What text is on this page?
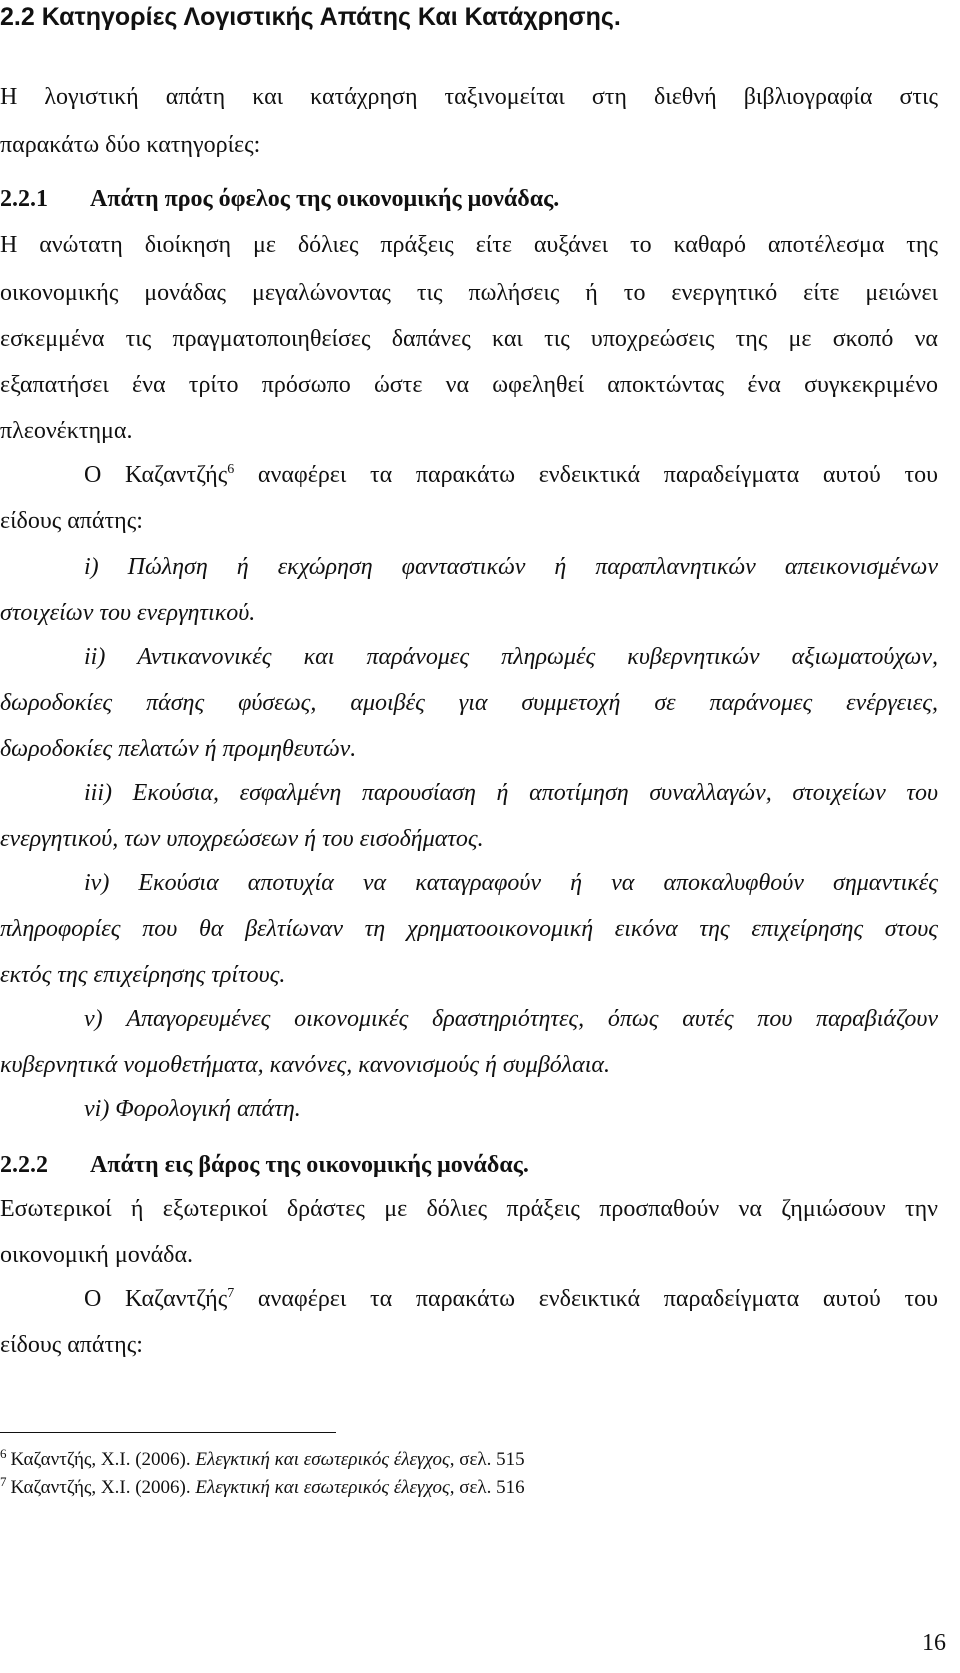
2.2 Κατηγορίες Λογιστικής Απάτης Και Κατάχρησης.
Η λογιστική απάτη και κατάχρηση ταξινομείται στη διεθνή βιβλιογραφία στις
παρακάτω δύο κατηγορίες:
2.2.1 Απάτη προς όφελος της οικονομικής μονάδας.
Η ανώτατη διοίκηση με δόλιες πράξεις είτε αυξάνει το καθαρό αποτέλεσμα της
οικονομικής μονάδας μεγαλώνοντας τις πωλήσεις ή το ενεργητικό είτε μειώνει
εσκεμμένα τις πραγματοποιηθείσες δαπάνες και τις υποχρεώσεις της με σκοπό να
εξαπατήσει ένα τρίτο πρόσωπο ώστε να ωφεληθεί αποκτώντας ένα συγκεκριμένο
πλεονέκτημα.
Ο Καζαντζής$^6$ αναφέρει τα παρακάτω ενδεικτικά παραδείγματα αυτού του
είδους απάτης:
i) Πώληση ή εκχώρηση φανταστικών ή παραπλανητικών απεικονισμένων
στοιχείων του ενεργητικού.
ii) Αντικανονικές και παράνομες πληρωμές κυβερνητικών αξιωματούχων,
δωροδοκίες πάσης φύσεως, αμοιβές για συμμετοχή σε παράνομες ενέργειες,
δωροδοκίες πελατών ή προμηθευτών.
iii) Εκούσια, εσφαλμένη παρουσίαση ή αποτίμηση συναλλαγών, στοιχείων του
ενεργητικού, των υποχρεώσεων ή του εισοδήματος.
iv) Εκούσια αποτυχία να καταγραφούν ή να αποκαλυφθούν σημαντικές
πληροφορίες που θα βελτίωναν τη χρηματοοικονομική εικόνα της επιχείρησης στους
εκτός της επιχείρησης τρίτους.
v) Απαγορευμένες οικονομικές δραστηριότητες, όπως αυτές που παραβιάζουν
κυβερνητικά νομοθετήματα, κανόνες, κανονισμούς ή συμβόλαια.
vi) Φορολογική απάτη.
2.2.2 Απάτη εις βάρος της οικονομικής μονάδας.
Εσωτερικοί ή εξωτερικοί δράστες με δόλιες πράξεις προσπαθούν να ζημιώσουν την
οικονομική μονάδα.
Ο Καζαντζής$^7$ αναφέρει τα παρακάτω ενδεικτικά παραδείγματα αυτού του
είδους απάτης:
$^6$ Καζαντζής, Χ.Ι. (2006). Ελεγκτική και εσωτερικός έλεγχος, σελ. 515
$^7$ Καζαντζής, Χ.Ι. (2006). Ελεγκτική και εσωτερικός έλεγχος, σελ. 516
16
